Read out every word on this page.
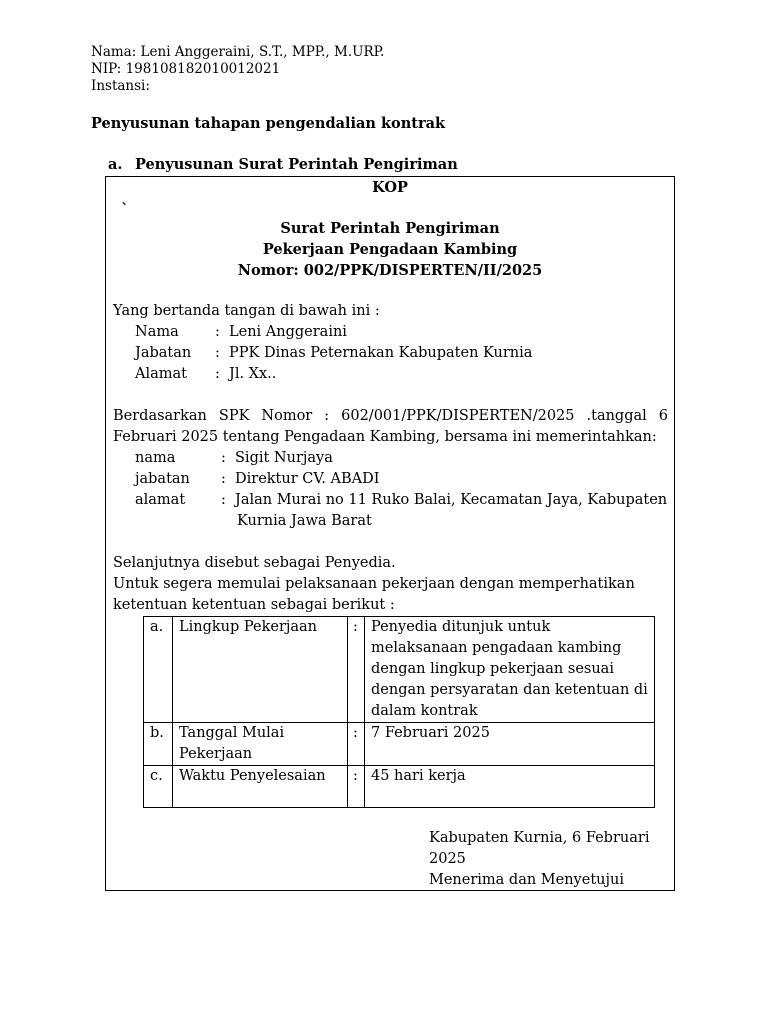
Nama: Leni Anggeraini, S.T., MPP., M.URP.
NIP: 198108182010012021
Instansi:
Penyusunan tahapan pengendalian kontrak
a. Penyusunan Surat Perintah Pengiriman
KOP
`
Surat Perintah Pengiriman
Pekerjaan Pengadaan Kambing
Nomor: 002/PPK/DISPERTEN/II/2025
Yang bertanda tangan di bawah ini :
Nama	: Leni Anggeraini
Jabatan	: PPK Dinas Peternakan Kabupaten Kurnia
Alamat	: Jl. Xx..
Berdasarkan SPK Nomor : 602/001/PPK/DISPERTEN/2025 .tanggal 6
Februari 2025 tentang Pengadaan Kambing, bersama ini memerintahkan:
nama	: Sigit Nurjaya
jabatan	: Direktur CV. ABADI
alamat	: Jalan Murai no 11 Ruko Balai, Kecamatan Jaya, Kabupaten
Kurnia Jawa Barat
Selanjutnya disebut sebagai Penyedia.
Untuk segera memulai pelaksanaan pekerjaan dengan memperhatikan
ketentuan ketentuan sebagai berikut :
a.	Lingkup Pekerjaan	:	Penyedia ditunjuk untuk melaksanaan pengadaan kambing dengan lingkup pekerjaan sesuai dengan persyaratan dan ketentuan di dalam kontrak
b.	Tanggal Mulai Pekerjaan	:	7 Februari 2025
c.	Waktu Penyelesaian	:	45 hari kerja
Kabupaten Kurnia, 6 Februari 2025
Menerima dan Menyetujui
